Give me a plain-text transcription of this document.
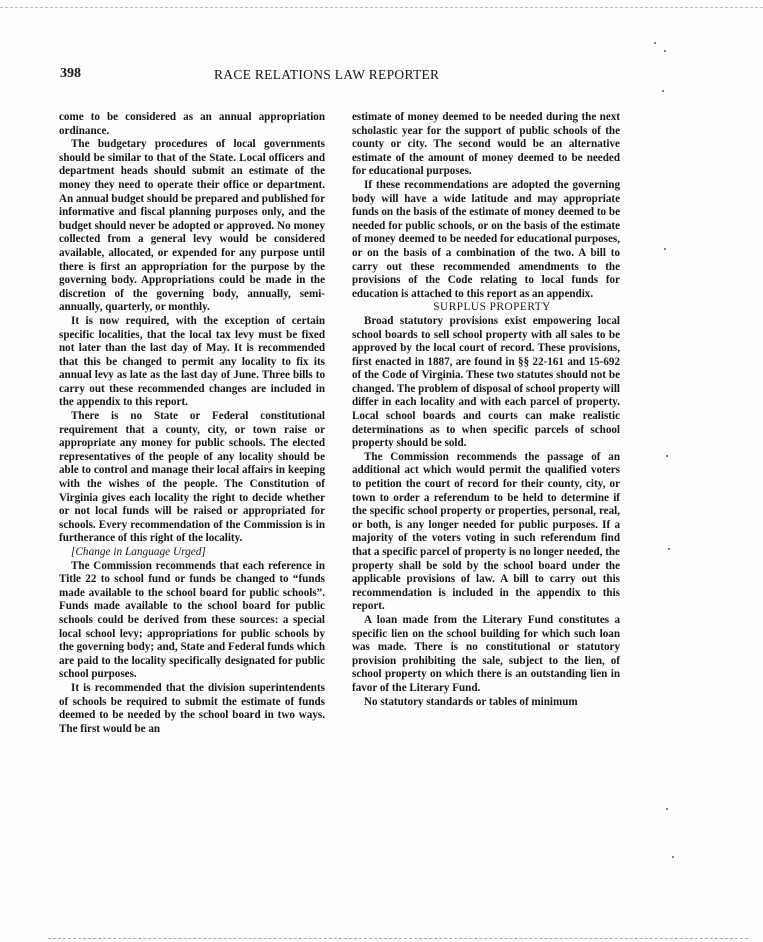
398	RACE RELATIONS LAW REPORTER

come to be considered as an annual appropriation ordinance.

The budgetary procedures of local governments should be similar to that of the State. Local officers and department heads should submit an estimate of the money they need to operate their office or department. An annual budget should be prepared and published for informative and fiscal planning purposes only, and the budget should never be adopted or approved. No money collected from a general levy would be considered available, allocated, or expended for any purpose until there is first an appropriation for the purpose by the governing body. Appropriations could be made in the discretion of the governing body, annually, semi-annually, quarterly, or monthly.

It is now required, with the exception of certain specific localities, that the local tax levy must be fixed not later than the last day of May. It is recommended that this be changed to permit any locality to fix its annual levy as late as the last day of June. Three bills to carry out these recommended changes are included in the appendix to this report.

There is no State or Federal constitutional requirement that a county, city, or town raise or appropriate any money for public schools. The elected representatives of the people of any locality should be able to control and manage their local affairs in keeping with the wishes of the people. The Constitution of Virginia gives each locality the right to decide whether or not local funds will be raised or appropriated for schools. Every recommendation of the Commission is in furtherance of this right of the locality.

[Change in Language Urged]

The Commission recommends that each reference in Title 22 to school fund or funds be changed to “funds made available to the school board for public schools”. Funds made available to the school board for public schools could be derived from these sources: a special local school levy; appropriations for public schools by the governing body; and, State and Federal funds which are paid to the locality specifically designated for public school purposes.

It is recommended that the division superintendents of schools be required to submit the estimate of funds deemed to be needed by the school board in two ways. The first would be an

estimate of money deemed to be needed during the next scholastic year for the support of public schools of the county or city. The second would be an alternative estimate of the amount of money deemed to be needed for educational purposes.

If these recommendations are adopted the governing body will have a wide latitude and may appropriate funds on the basis of the estimate of money deemed to be needed for public schools, or on the basis of the estimate of money deemed to be needed for educational purposes, or on the basis of a combination of the two. A bill to carry out these recommended amendments to the provisions of the Code relating to local funds for education is attached to this report as an appendix.

SURPLUS PROPERTY

Broad statutory provisions exist empowering local school boards to sell school property with all sales to be approved by the local court of record. These provisions, first enacted in 1887, are found in §§ 22-161 and 15-692 of the Code of Virginia. These two statutes should not be changed. The problem of disposal of school property will differ in each locality and with each parcel of property. Local school boards and courts can make realistic determinations as to when specific parcels of school property should be sold.

The Commission recommends the passage of an additional act which would permit the qualified voters to petition the court of record for their county, city, or town to order a referendum to be held to determine if the specific school property or properties, personal, real, or both, is any longer needed for public purposes. If a majority of the voters voting in such referendum find that a specific parcel of property is no longer needed, the property shall be sold by the school board under the applicable provisions of law. A bill to carry out this recommendation is included in the appendix to this report.

A loan made from the Literary Fund constitutes a specific lien on the school building for which such loan was made. There is no constitutional or statutory provision prohibiting the sale, subject to the lien, of school property on which there is an outstanding lien in favor of the Literary Fund.

No statutory standards or tables of minimum
